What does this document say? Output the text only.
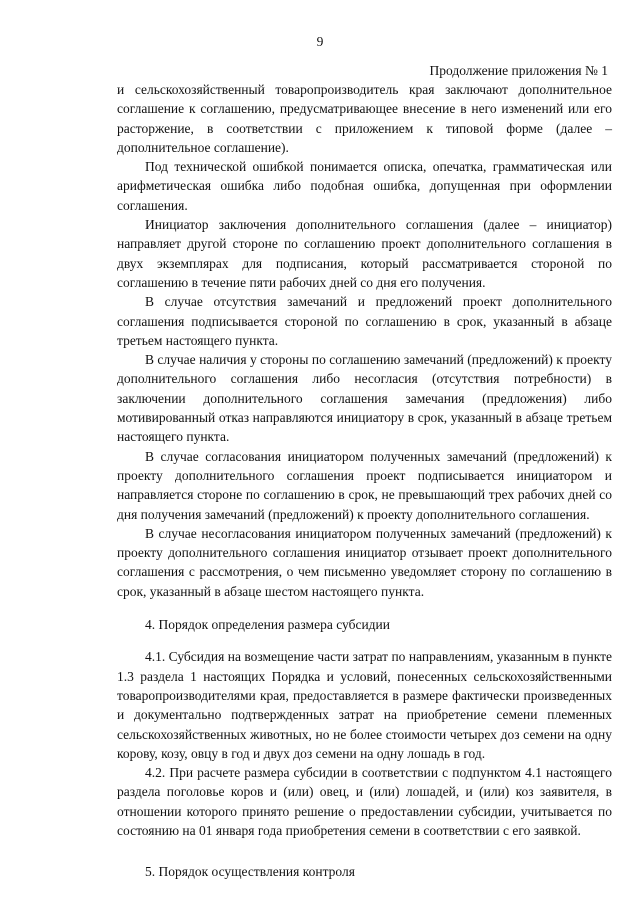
9
Продолжение приложения № 1

и сельскохозяйственный товаропроизводитель края заключают дополнительное соглашение к соглашению, предусматривающее внесение в него изменений или его расторжение, в соответствии с приложением к типовой форме (далее – дополнительное соглашение).

Под технической ошибкой понимается описка, опечатка, грамматическая или арифметическая ошибка либо подобная ошибка, допущенная при оформлении соглашения.

Инициатор заключения дополнительного соглашения (далее – инициатор) направляет другой стороне по соглашению проект дополнительного соглашения в двух экземплярах для подписания, который рассматривается стороной по соглашению в течение пяти рабочих дней со дня его получения.

В случае отсутствия замечаний и предложений проект дополнительного соглашения подписывается стороной по соглашению в срок, указанный в абзаце третьем настоящего пункта.

В случае наличия у стороны по соглашению замечаний (предложений) к проекту дополнительного соглашения либо несогласия (отсутствия потребности) в заключении дополнительного соглашения замечания (предложения) либо мотивированный отказ направляются инициатору в срок, указанный в абзаце третьем настоящего пункта.

В случае согласования инициатором полученных замечаний (предложений) к проекту дополнительного соглашения проект подписывается инициатором и направляется стороне по соглашению в срок, не превышающий трех рабочих дней со дня получения замечаний (предложений) к проекту дополнительного соглашения.

В случае несогласования инициатором полученных замечаний (предложений) к проекту дополнительного соглашения инициатор отзывает проект дополнительного соглашения с рассмотрения, о чем письменно уведомляет сторону по соглашению в срок, указанный в абзаце шестом настоящего пункта.

4. Порядок определения размера субсидии

4.1. Субсидия на возмещение части затрат по направлениям, указанным в пункте 1.3 раздела 1 настоящих Порядка и условий, понесенных сельскохозяйственными товаропроизводителями края, предоставляется в размере фактически произведенных и документально подтвержденных затрат на приобретение семени племенных сельскохозяйственных животных, но не более стоимости четырех доз семени на одну корову, козу, овцу в год и двух доз семени на одну лошадь в год.

4.2. При расчете размера субсидии в соответствии с подпунктом 4.1 настоящего раздела поголовье коров и (или) овец, и (или) лошадей, и (или) коз заявителя, в отношении которого принято решение о предоставлении субсидии, учитывается по состоянию на 01 января года приобретения семени в соответствии с его заявкой.

5. Порядок осуществления контроля
